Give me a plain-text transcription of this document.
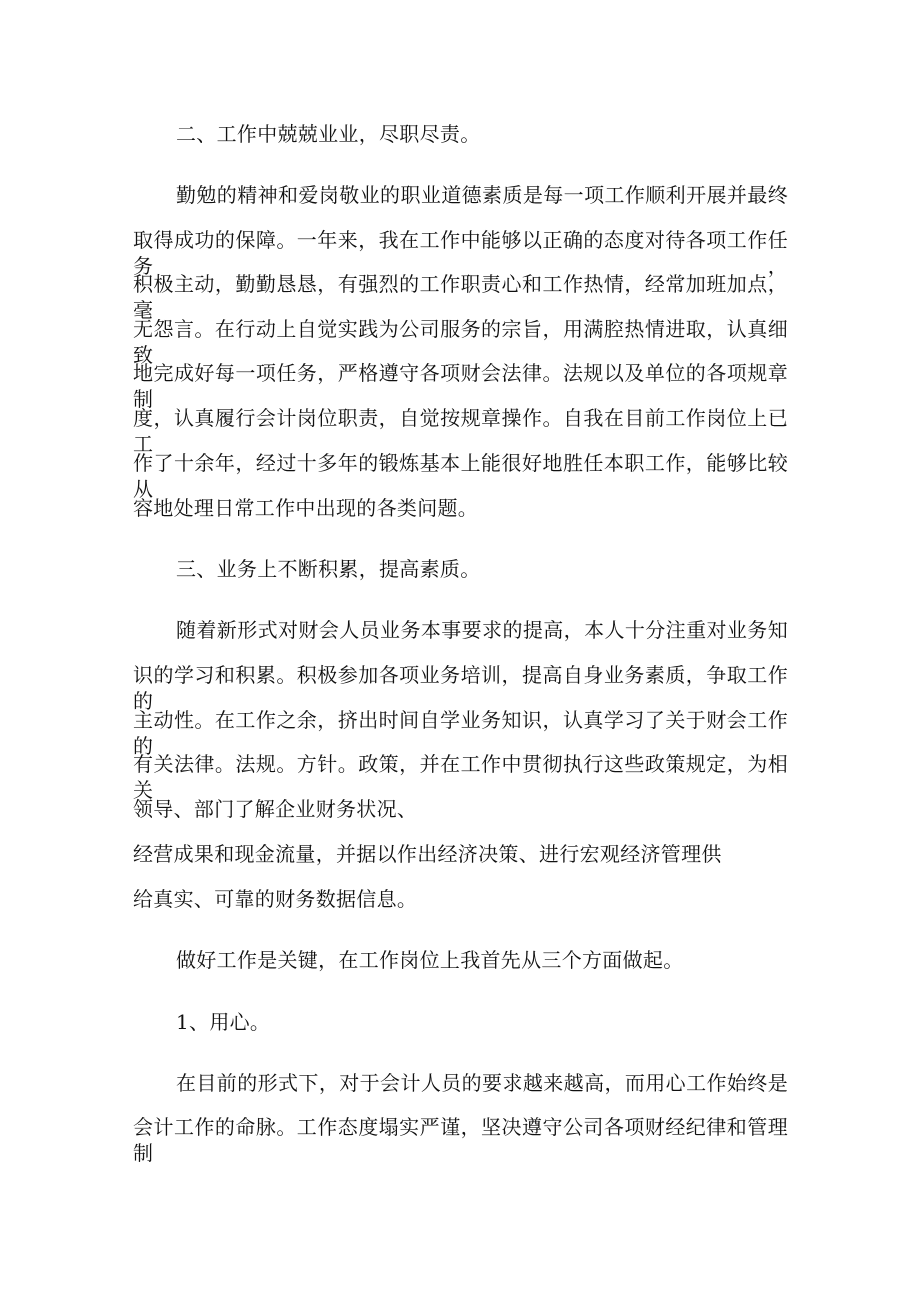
二、工作中兢兢业业，尽职尽责。
勤勉的精神和爱岗敬业的职业道德素质是每一项工作顺利开展并最终
取得成功的保障。一年来，我在工作中能够以正确的态度对待各项工作任务，
积极主动，勤勤恳恳，有强烈的工作职责心和工作热情，经常加班加点，毫
无怨言。在行动上自觉实践为公司服务的宗旨，用满腔热情进取，认真细致
地完成好每一项任务，严格遵守各项财会法律。法规以及单位的各项规章制
度，认真履行会计岗位职责，自觉按规章操作。自我在目前工作岗位上已工
作了十余年，经过十多年的锻炼基本上能很好地胜任本职工作，能够比较从
容地处理日常工作中出现的各类问题。
三、业务上不断积累，提高素质。
随着新形式对财会人员业务本事要求的提高，本人十分注重对业务知
识的学习和积累。积极参加各项业务培训，提高自身业务素质，争取工作的
主动性。在工作之余，挤出时间自学业务知识，认真学习了关于财会工作的
有关法律。法规。方针。政策，并在工作中贯彻执行这些政策规定，为相关
领导、部门了解企业财务状况、
经营成果和现金流量，并据以作出经济决策、进行宏观经济管理供
给真实、可靠的财务数据信息。
做好工作是关键，在工作岗位上我首先从三个方面做起。
1、用心。
在目前的形式下，对于会计人员的要求越来越高，而用心工作始终是
会计工作的命脉。工作态度塌实严谨，坚决遵守公司各项财经纪律和管理制
